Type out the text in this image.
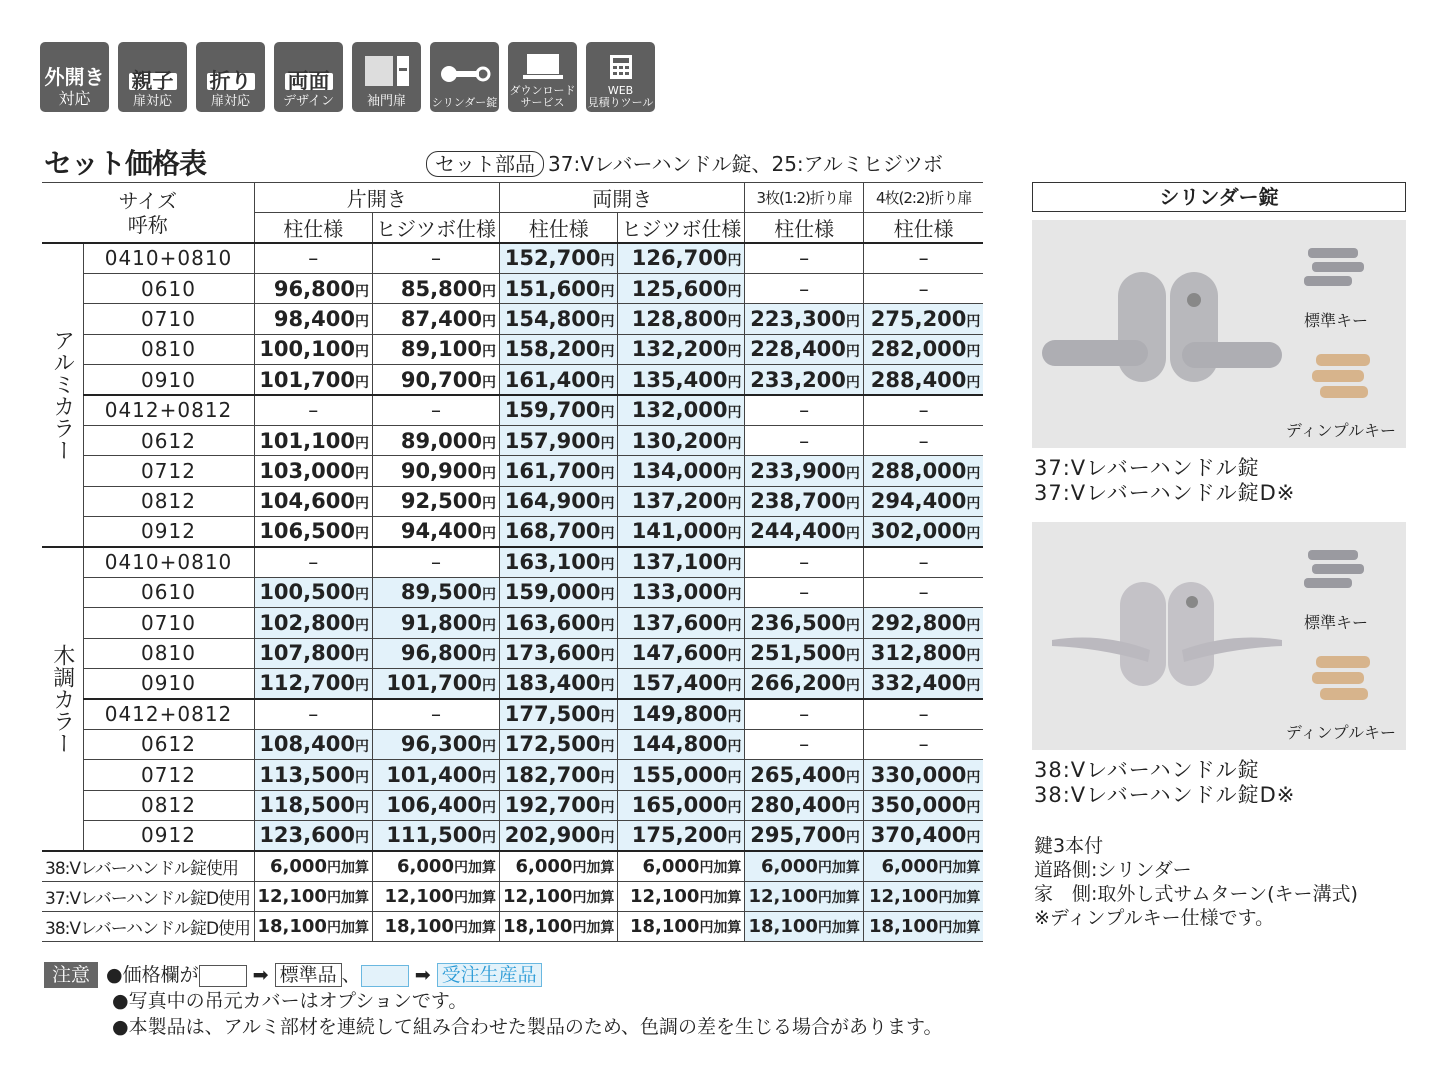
外開き
対応
親子
扉対応
折り
扉対応
両面
デザイン	袖門扉 シリンダー錠
ダウンロード
サービス
WEB
見積りツール
セット価格表	セット部品 37:Vレバーハンドル錠、25:アルミヒジツボ
サイズ
呼称		片開き		両開き		3枚(1:2)折り扉	4枚(2:2)折り扉
		柱仕様	ヒジツボ仕様	柱仕様	ヒジツボ仕様	柱仕様	柱仕様
アルミカラー	0410+0810	–	–	152,700円	126,700円	–	–
	0610	96,800円	85,800円	151,600円	125,600円	–	–
	0710	98,400円	87,400円	154,800円	128,800円	223,300円	275,200円
	0810	100,100円	89,100円	158,200円	132,200円	228,400円	282,000円
	0910	101,700円	90,700円	161,400円	135,400円	233,200円	288,400円
	0412+0812	–	–	159,700円	132,000円	–	–
	0612	101,100円	89,000円	157,900円	130,200円	–	–
	0712	103,000円	90,900円	161,700円	134,000円	233,900円	288,000円
	0812	104,600円	92,500円	164,900円	137,200円	238,700円	294,400円
	0912	106,500円	94,400円	168,700円	141,000円	244,400円	302,000円
木調カラー	0410+0810	–	–	163,100円	137,100円	–	–
	0610	100,500円	89,500円	159,000円	133,000円	–	–
	0710	102,800円	91,800円	163,600円	137,600円	236,500円	292,800円
	0810	107,800円	96,800円	173,600円	147,600円	251,500円	312,800円
	0910	112,700円	101,700円	183,400円	157,400円	266,200円	332,400円
	0412+0812	–	–	177,500円	149,800円	–	–
	0612	108,400円	96,300円	172,500円	144,800円	–	–
	0712	113,500円	101,400円	182,700円	155,000円	265,400円	330,000円
	0812	118,500円	106,400円	192,700円	165,000円	280,400円	350,000円
	0912	123,600円	111,500円	202,900円	175,200円	295,700円	370,400円
38:Vレバーハンドル錠使用		6,000円加算	6,000円加算	6,000円加算	6,000円加算	6,000円加算	6,000円加算
37:Vレバーハンドル錠D使用		12,100円加算	12,100円加算	12,100円加算	12,100円加算	12,100円加算	12,100円加算
38:Vレバーハンドル錠D使用		18,100円加算	18,100円加算	18,100円加算	18,100円加算	18,100円加算	18,100円加算
注意 ●価格欄が	➡ 標準品 、	➡ 受注生産品
●写真中の吊元カバーはオプションです。
●本製品は、アルミ部材を連続して組み合わせた製品のため、色調の差を生じる場合があります。
シリンダー錠
標準キー
ディンプルキー
37:Vレバーハンドル錠
37:Vレバーハンドル錠D※
標準キー
ディンプルキー
38:Vレバーハンドル錠
38:Vレバーハンドル錠D※
鍵3本付
道路側:シリンダー
家　側:取外し式サムターン(キー溝式)
※ディンプルキー仕様です。
